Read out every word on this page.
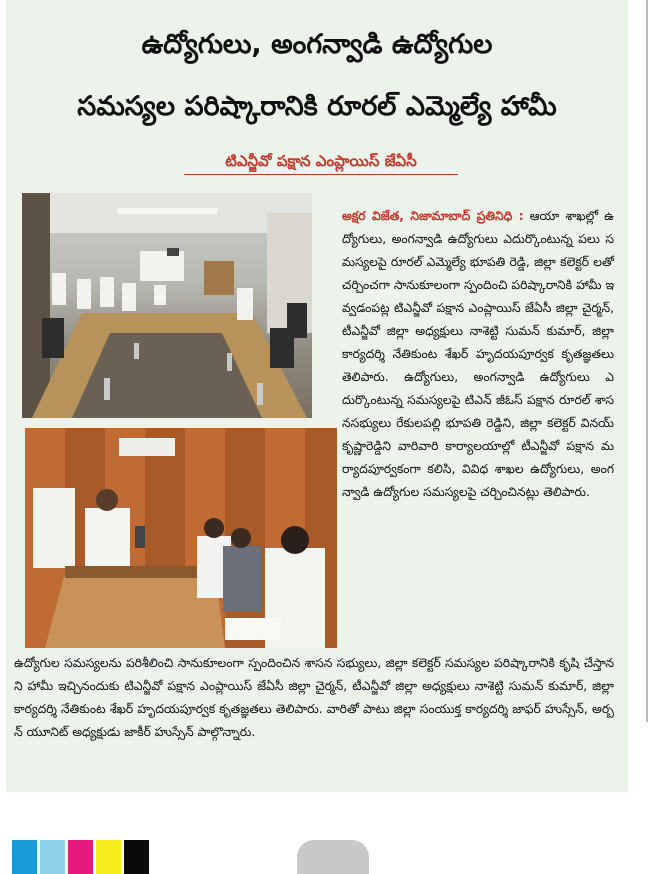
ఉద్యోగులు, అంగన్వాడి ఉద్యోగుల
సమస్యల పరిష్కారానికి రూరల్ ఎమ్మెల్యే హామీ
టిఎన్జీవో పక్షాన ఎంప్లాయిస్ జేఏసీ
అక్షర విజేత, నిజామాబాద్ ప్రతినిధి : ఆయా శాఖల్లో ఉద్యోగులు, అంగన్వాడి ఉద్యోగులు ఎదుర్కొంటున్న పలు సమస్యలపై రూరల్ ఎమ్మెల్యే భూపతి రెడ్డి, జిల్లా కలెక్టర్ లతో చర్చించగా సానుకూలంగా స్పందించి పరిష్కారానికి హామీ ఇవ్వడంపట్ల టిఎన్జీవో పక్షాన ఎంప్లాయిస్ జేఏసీ జిల్లా చైర్మన్, టీఎన్జీవో జిల్లా అధ్యక్షులు నాశెట్టి సుమన్ కుమార్, జిల్లా కార్యదర్శి నేతికుంట శేఖర్ హృదయపూర్వక కృతజ్ఞతలు తెలిపారు. ఉద్యోగులు, అంగన్వాడి ఉద్యోగులు ఎదుర్కొంటున్న సమస్యలపై టిఎన్ జీఓస్ పక్షాన రూరల్ శాసనసభ్యులు రేకులపల్లి భూపతి రెడ్డిని, జిల్లా కలెక్టర్ వినయ్ కృష్ణారెడ్డిని వారివారి కార్యాలయాల్లో టీఎన్జీవో పక్షాన మర్యాదపూర్వకంగా కలిసి, వివిధ శాఖల ఉద్యోగులు, అంగన్వాడి ఉద్యోగుల సమస్యలపై చర్చించినట్లు తెలిపారు.
ఉద్యోగుల సమస్యలను పరిశీలించి సానుకూలంగా స్పందించిన శాసన సభ్యులు, జిల్లా కలెక్టర్ సమస్యల పరిష్కారానికి కృషి చేస్తానని హామీ ఇచ్చినందుకు టిఎన్జీవో పక్షాన ఎంప్లాయిస్ జేఏసీ జిల్లా చైర్మన్, టీఎన్జీవో జిల్లా అధ్యక్షులు నాశెట్టి సుమన్ కుమార్, జిల్లా కార్యదర్శి నేతికుంట శేఖర్ హృదయపూర్వక కృతజ్ఞతలు తెలిపారు. వారితో పాటు జిల్లా సంయుక్త కార్యదర్శి జాఫర్ హుస్సేన్, అర్బన్ యూనిట్ అధ్యక్షుడు జాకీర్ హుస్సేన్ పాల్గొన్నారు.
